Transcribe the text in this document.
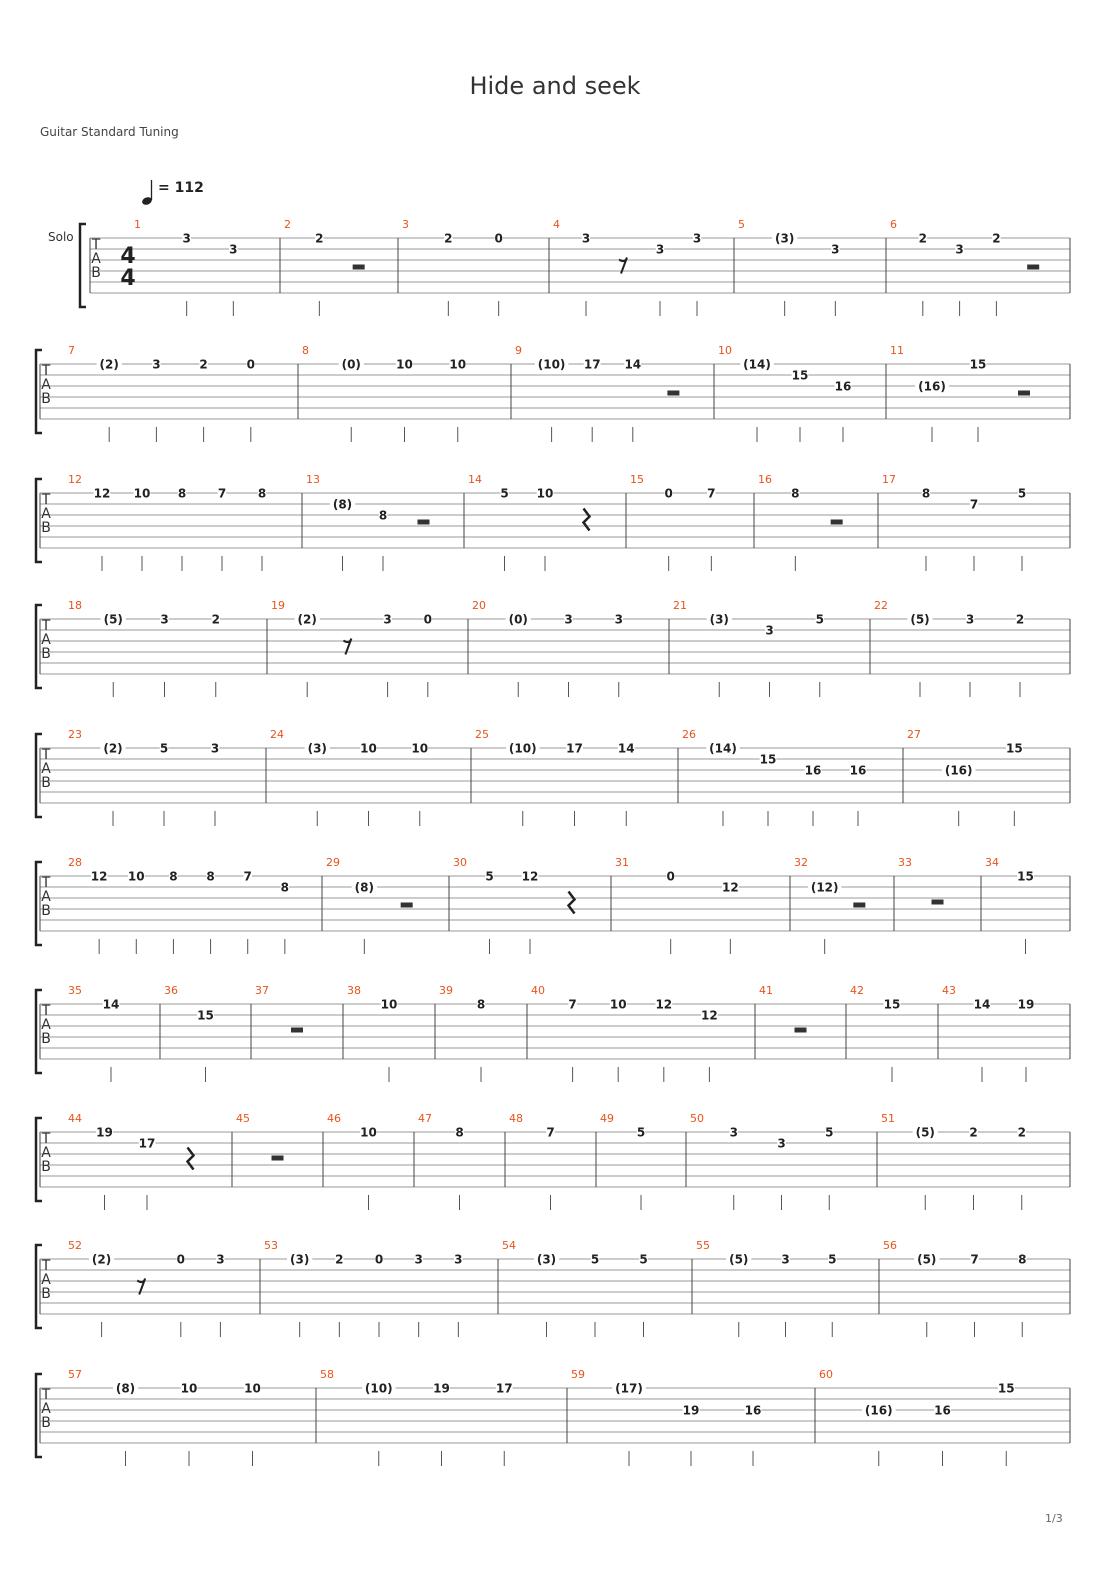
Hide and seek
Guitar Standard Tuning
= 112
Solo T
A
B
4
4
T
A
B
T
A
B
T
A
B
T
A
B
T
A
B
T
A
B
T
A
B
T
A
B
T
A
B
1
3
3
2
2
3
2	0
4
3
3
3
5
(3)
3
6
2
3
2
7
(2)	3	2	0
8
(0)	10	10
9
(10) 17 14
10
(14)
15
16
11
(16)
15
12
12 10 8	7	8
13
(8)
8
14
5 10
15
0	7
16
8
17
8
7
5
18
(5)	3	2
19
(2)	3	0
20
(0)	3	3
21
(3)
3
5
22
(5)	3	2
23
(2)	5	3
24
(3)	10	10
25
(10) 17	14
26
(14)
15
16 16
27
(16)
15
28
12 10 8 8 7
8
29
(8)
30
5 12
31
0
12
32
(12)
33	34
15
35
14
36
15
37	38
10
39
8
40
7	10 12
12
41	42
15
43
14 19
44
19
17
45	46
10
47
8
48
7
49
5
50
3
3
5
51
(5)	2	2
52
(2)	0	3
53
(3) 2	0	3	3
54
(3)	5	5
55
(5)	3	5
56
(5)	7	8
57
(8)	10	10
58
(10)	19	17
59
(17)
19	16
60
(16)	16
15
1/3
